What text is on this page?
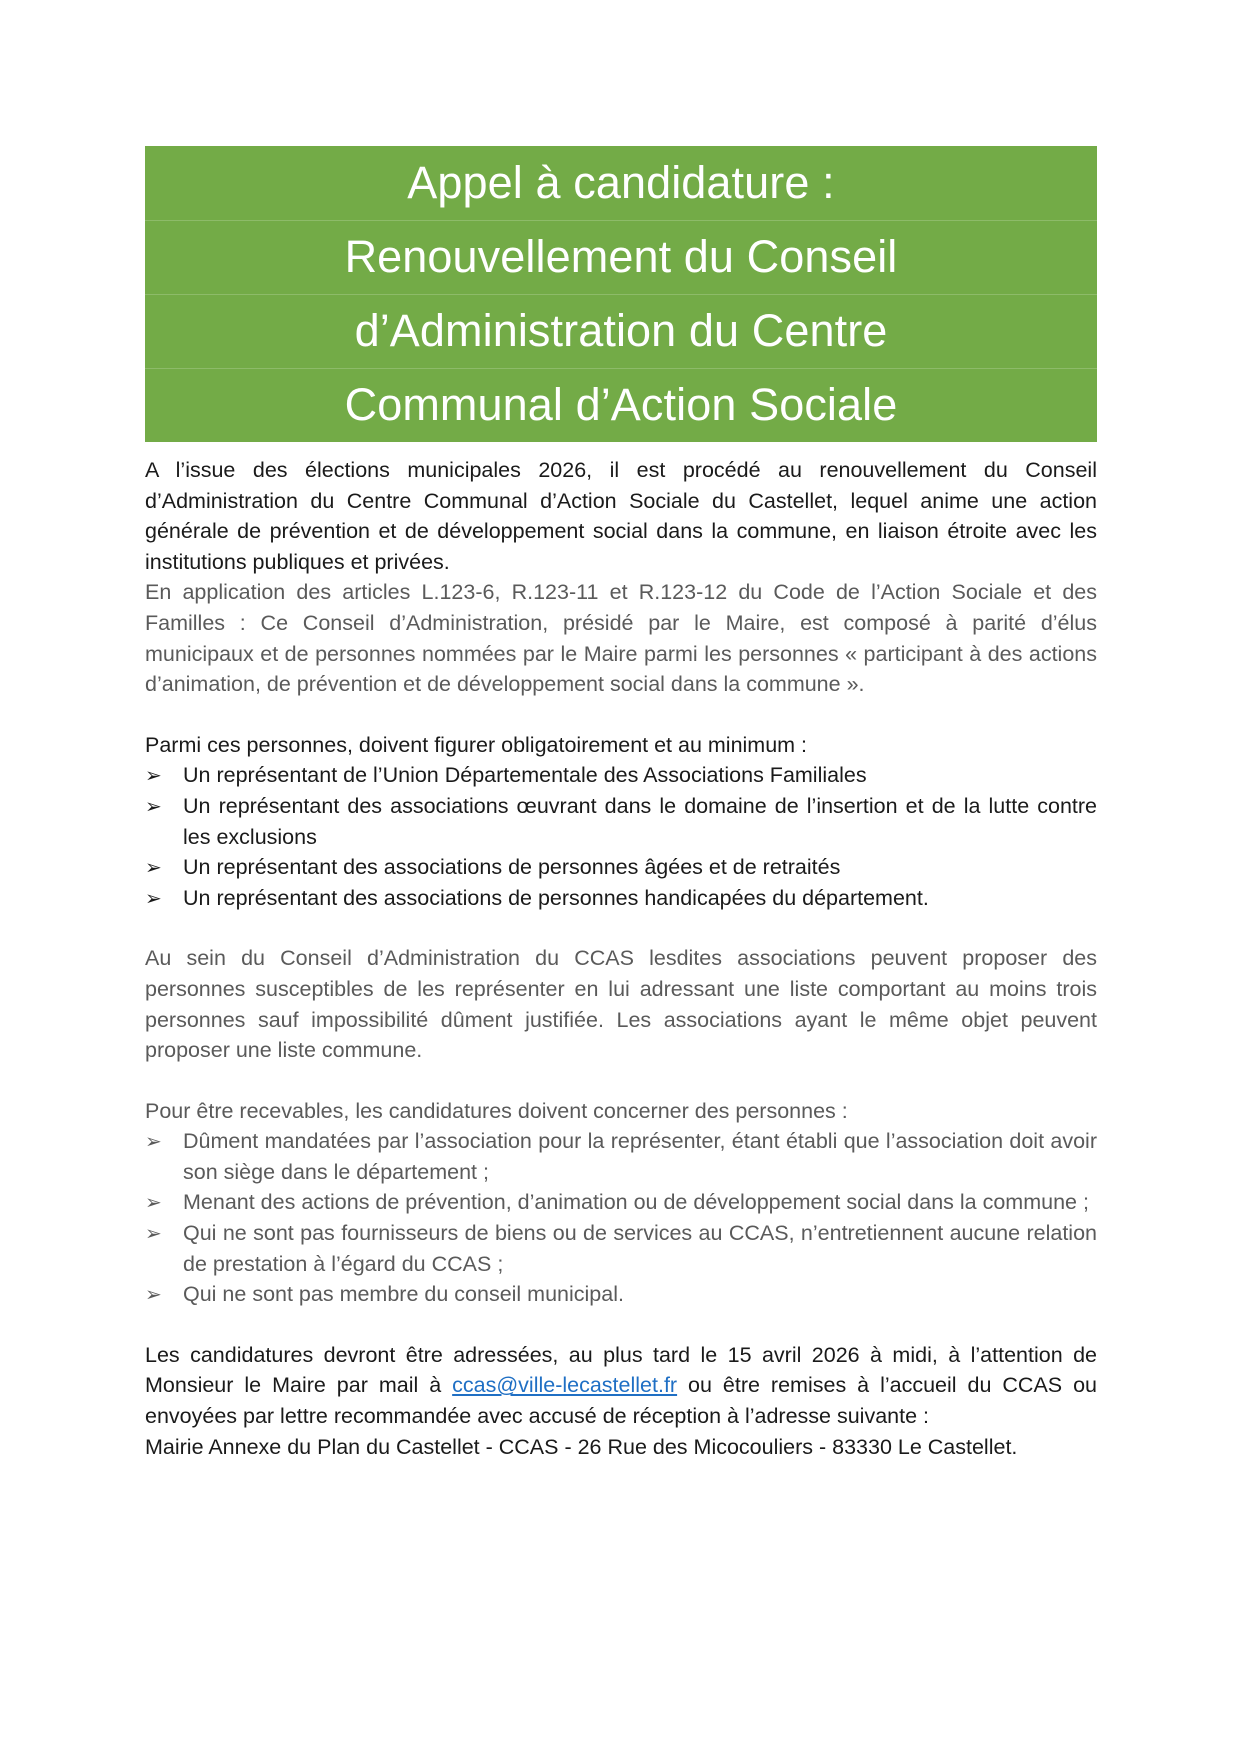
Appel à candidature :
Renouvellement du Conseil
d’Administration du Centre
Communal d’Action Sociale

A l’issue des élections municipales 2026, il est procédé au renouvellement du Conseil d’Administration du Centre Communal d’Action Sociale du Castellet, lequel anime une action générale de prévention et de développement social dans la commune, en liaison étroite avec les institutions publiques et privées.

En application des articles L.123-6, R.123-11 et R.123-12 du Code de l’Action Sociale et des Familles : Ce Conseil d’Administration, présidé par le Maire, est composé à parité d’élus municipaux et de personnes nommées par le Maire parmi les personnes « participant à des actions d’animation, de prévention et de développement social dans la commune ».

Parmi ces personnes, doivent figurer obligatoirement et au minimum :

➢ Un représentant de l’Union Départementale des Associations Familiales
➢ Un représentant des associations œuvrant dans le domaine de l’insertion et de la lutte contre les exclusions
➢ Un représentant des associations de personnes âgées et de retraités
➢ Un représentant des associations de personnes handicapées du département.

Au sein du Conseil d’Administration du CCAS lesdites associations peuvent proposer des personnes susceptibles de les représenter en lui adressant une liste comportant au moins trois personnes sauf impossibilité dûment justifiée. Les associations ayant le même objet peuvent proposer une liste commune.

Pour être recevables, les candidatures doivent concerner des personnes :

➢ Dûment mandatées par l’association pour la représenter, étant établi que l’association doit avoir son siège dans le département ;
➢ Menant des actions de prévention, d’animation ou de développement social dans la commune ;
➢ Qui ne sont pas fournisseurs de biens ou de services au CCAS, n’entretiennent aucune relation de prestation à l’égard du CCAS ;
➢ Qui ne sont pas membre du conseil municipal.

Les candidatures devront être adressées, au plus tard le 15 avril 2026 à midi, à l’attention de Monsieur le Maire par mail à ccas@ville-lecastellet.fr ou être remises à l’accueil du CCAS ou envoyées par lettre recommandée avec accusé de réception à l’adresse suivante :

Mairie Annexe du Plan du Castellet - CCAS - 26 Rue des Micocouliers - 83330 Le Castellet.
